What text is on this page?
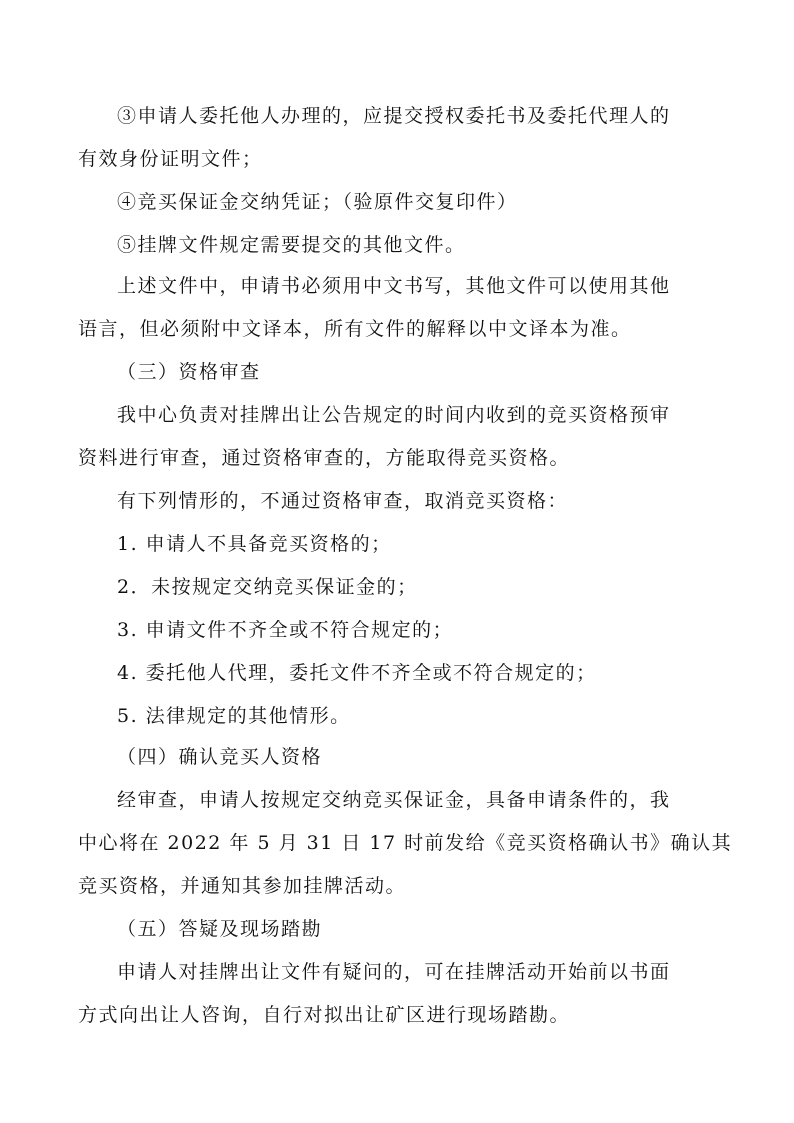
③申请人委托他人办理的，应提交授权委托书及委托代理人的
有效身份证明文件；
④竞买保证金交纳凭证；（验原件交复印件）
⑤挂牌文件规定需要提交的其他文件。
上述文件中，申请书必须用中文书写，其他文件可以使用其他
语言，但必须附中文译本，所有文件的解释以中文译本为准。
（三）资格审查
我中心负责对挂牌出让公告规定的时间内收到的竞买资格预审
资料进行审查，通过资格审查的，方能取得竞买资格。
有下列情形的，不通过资格审查，取消竞买资格：
1. 申请人不具备竞买资格的；
2．未按规定交纳竞买保证金的；
3. 申请文件不齐全或不符合规定的；
4. 委托他人代理，委托文件不齐全或不符合规定的；
5. 法律规定的其他情形。
（四）确认竞买人资格
经审查，申请人按规定交纳竞买保证金，具备申请条件的，我
中心将在 2022 年 5 月 31 日 17 时前发给《竞买资格确认书》确认其
竞买资格，并通知其参加挂牌活动。
（五）答疑及现场踏勘
申请人对挂牌出让文件有疑问的，可在挂牌活动开始前以书面
方式向出让人咨询，自行对拟出让矿区进行现场踏勘。
